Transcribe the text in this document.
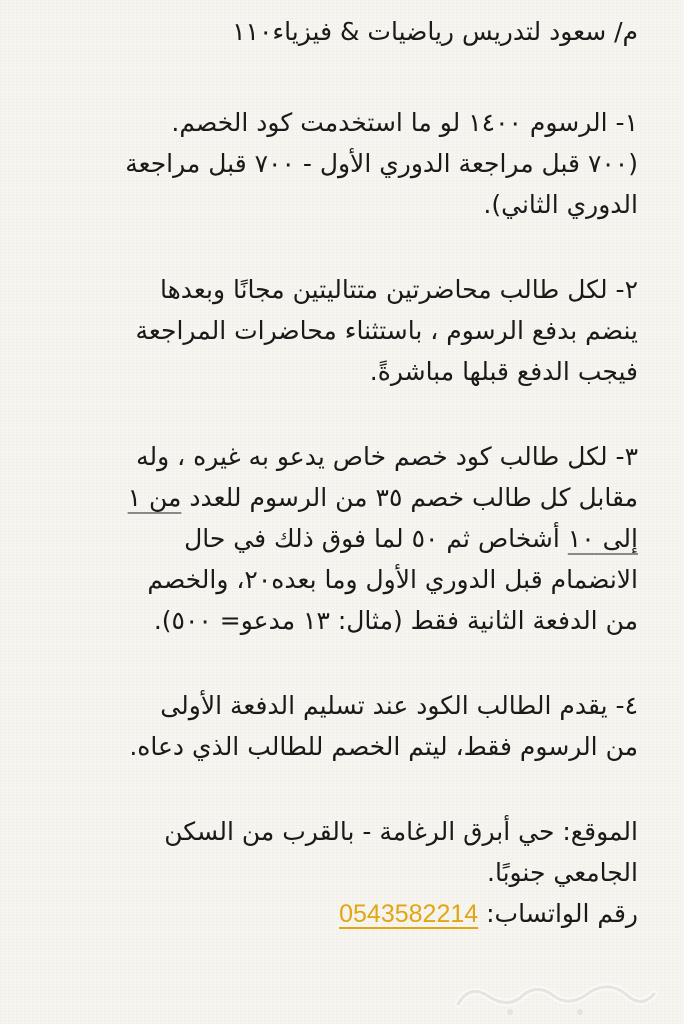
م/ سعود لتدريس رياضيات & فيزياء١١٠
١- الرسوم ١٤٠٠ لو ما استخدمت كود الخصم.
(٧٠٠ قبل مراجعة الدوري الأول - ٧٠٠ قبل مراجعة
الدوري الثاني).
٢- لكل طالب محاضرتين متتاليتين مجانًا وبعدها
ينضم بدفع الرسوم ، باستثناء محاضرات المراجعة
فيجب الدفع قبلها مباشرةً.
٣- لكل طالب كود خصم خاص يدعو به غيره ، وله
مقابل كل طالب خصم ٣٥ من الرسوم للعدد من ١
إلى ١٠ أشخاص ثم ٥٠ لما فوق ذلك في حال
الانضمام قبل الدوري الأول وما بعده٢٠، والخصم
من الدفعة الثانية فقط (مثال: ١٣ مدعو= ٥٠٠).
٤- يقدم الطالب الكود عند تسليم الدفعة الأولى
من الرسوم فقط، ليتم الخصم للطالب الذي دعاه.
الموقع: حي أبرق الرغامة - بالقرب من السكن
الجامعي جنوبًا.
رقم الواتساب: 0543582214
